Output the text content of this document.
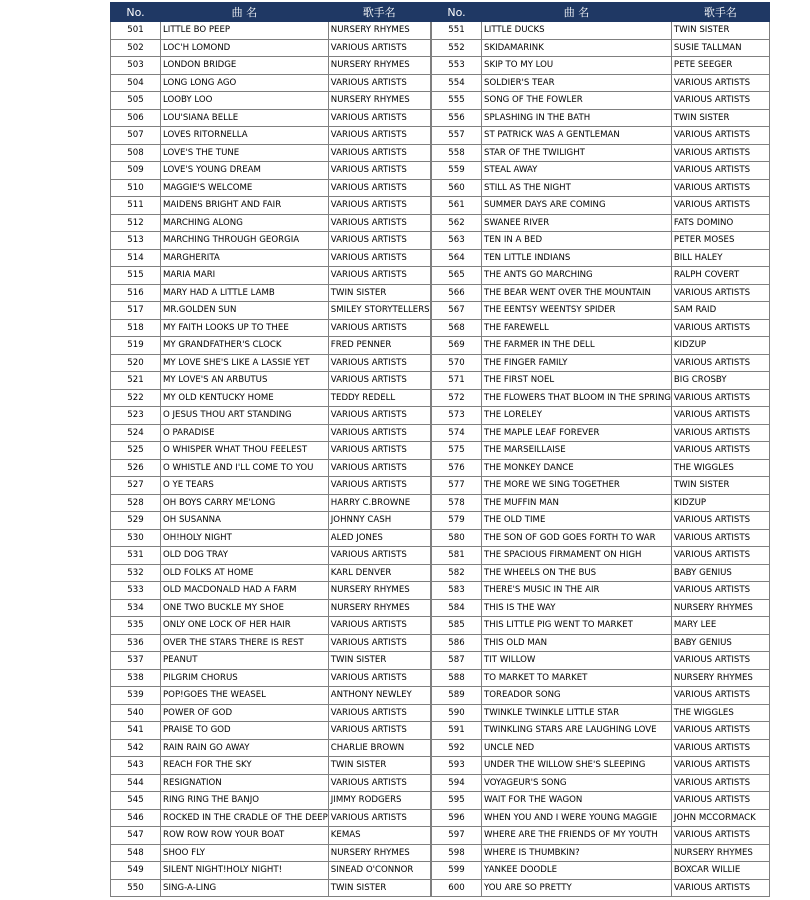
No.	曲 名	歌手名
501	LITTLE BO PEEP	NURSERY RHYMES
502	LOC'H LOMOND	VARIOUS ARTISTS
503	LONDON BRIDGE	NURSERY RHYMES
504	LONG LONG AGO	VARIOUS ARTISTS
505	LOOBY LOO	NURSERY RHYMES
506	LOU'SIANA BELLE	VARIOUS ARTISTS
507	LOVES RITORNELLA	VARIOUS ARTISTS
508	LOVE'S THE TUNE	VARIOUS ARTISTS
509	LOVE'S YOUNG DREAM	VARIOUS ARTISTS
510	MAGGIE'S WELCOME	VARIOUS ARTISTS
511	MAIDENS BRIGHT AND FAIR	VARIOUS ARTISTS
512	MARCHING ALONG	VARIOUS ARTISTS
513	MARCHING THROUGH GEORGIA	VARIOUS ARTISTS
514	MARGHERITA	VARIOUS ARTISTS
515	MARIA MARI	VARIOUS ARTISTS
516	MARY HAD A LITTLE LAMB	TWIN SISTER
517	MR.GOLDEN SUN	SMILEY STORYTELLERS
518	MY FAITH LOOKS UP TO THEE	VARIOUS ARTISTS
519	MY GRANDFATHER'S CLOCK	FRED PENNER
520	MY LOVE SHE'S LIKE A LASSIE YET	VARIOUS ARTISTS
521	MY LOVE'S AN ARBUTUS	VARIOUS ARTISTS
522	MY OLD KENTUCKY HOME	TEDDY REDELL
523	O JESUS THOU ART STANDING	VARIOUS ARTISTS
524	O PARADISE	VARIOUS ARTISTS
525	O WHISPER WHAT THOU FEELEST	VARIOUS ARTISTS
526	O WHISTLE AND I'LL COME TO YOU	VARIOUS ARTISTS
527	O YE TEARS	VARIOUS ARTISTS
528	OH BOYS CARRY ME'LONG	HARRY C.BROWNE
529	OH SUSANNA	JOHNNY CASH
530	OH!HOLY NIGHT	ALED JONES
531	OLD DOG TRAY	VARIOUS ARTISTS
532	OLD FOLKS AT HOME	KARL DENVER
533	OLD MACDONALD HAD A FARM	NURSERY RHYMES
534	ONE TWO BUCKLE MY SHOE	NURSERY RHYMES
535	ONLY ONE LOCK OF HER HAIR	VARIOUS ARTISTS
536	OVER THE STARS THERE IS REST	VARIOUS ARTISTS
537	PEANUT	TWIN SISTER
538	PILGRIM CHORUS	VARIOUS ARTISTS
539	POP!GOES THE WEASEL	ANTHONY NEWLEY
540	POWER OF GOD	VARIOUS ARTISTS
541	PRAISE TO GOD	VARIOUS ARTISTS
542	RAIN RAIN GO AWAY	CHARLIE BROWN
543	REACH FOR THE SKY	TWIN SISTER
544	RESIGNATION	VARIOUS ARTISTS
545	RING RING THE BANJO	JIMMY RODGERS
546	ROCKED IN THE CRADLE OF THE DEEP	VARIOUS ARTISTS
547	ROW ROW ROW YOUR BOAT	KEMAS
548	SHOO FLY	NURSERY RHYMES
549	SILENT NIGHT!HOLY NIGHT!	SINEAD O'CONNOR
550	SING-A-LING	TWIN SISTER
No.	曲 名	歌手名
551	LITTLE DUCKS	TWIN SISTER
552	SKIDAMARINK	SUSIE TALLMAN
553	SKIP TO MY LOU	PETE SEEGER
554	SOLDIER'S TEAR	VARIOUS ARTISTS
555	SONG OF THE FOWLER	VARIOUS ARTISTS
556	SPLASHING IN THE BATH	TWIN SISTER
557	ST PATRICK WAS A GENTLEMAN	VARIOUS ARTISTS
558	STAR OF THE TWILIGHT	VARIOUS ARTISTS
559	STEAL AWAY	VARIOUS ARTISTS
560	STILL AS THE NIGHT	VARIOUS ARTISTS
561	SUMMER DAYS ARE COMING	VARIOUS ARTISTS
562	SWANEE RIVER	FATS DOMINO
563	TEN IN A BED	PETER MOSES
564	TEN LITTLE INDIANS	BILL HALEY
565	THE ANTS GO MARCHING	RALPH COVERT
566	THE BEAR WENT OVER THE MOUNTAIN	VARIOUS ARTISTS
567	THE EENTSY WEENTSY SPIDER	SAM RAID
568	THE FAREWELL	VARIOUS ARTISTS
569	THE FARMER IN THE DELL	KIDZUP
570	THE FINGER FAMILY	VARIOUS ARTISTS
571	THE FIRST NOEL	BIG CROSBY
572	THE FLOWERS THAT BLOOM IN THE SPRING	VARIOUS ARTISTS
573	THE LORELEY	VARIOUS ARTISTS
574	THE MAPLE LEAF FOREVER	VARIOUS ARTISTS
575	THE MARSEILLAISE	VARIOUS ARTISTS
576	THE MONKEY DANCE	THE WIGGLES
577	THE MORE WE SING TOGETHER	TWIN SISTER
578	THE MUFFIN MAN	KIDZUP
579	THE OLD TIME	VARIOUS ARTISTS
580	THE SON OF GOD GOES FORTH TO WAR	VARIOUS ARTISTS
581	THE SPACIOUS FIRMAMENT ON HIGH	VARIOUS ARTISTS
582	THE WHEELS ON THE BUS	BABY GENIUS
583	THERE'S MUSIC IN THE AIR	VARIOUS ARTISTS
584	THIS IS THE WAY	NURSERY RHYMES
585	THIS LITTLE PIG WENT TO MARKET	MARY LEE
586	THIS OLD MAN	BABY GENIUS
587	TIT WILLOW	VARIOUS ARTISTS
588	TO MARKET TO MARKET	NURSERY RHYMES
589	TOREADOR SONG	VARIOUS ARTISTS
590	TWINKLE TWINKLE LITTLE STAR	THE WIGGLES
591	TWINKLING STARS ARE LAUGHING LOVE	VARIOUS ARTISTS
592	UNCLE NED	VARIOUS ARTISTS
593	UNDER THE WILLOW SHE'S SLEEPING	VARIOUS ARTISTS
594	VOYAGEUR'S SONG	VARIOUS ARTISTS
595	WAIT FOR THE WAGON	VARIOUS ARTISTS
596	WHEN YOU AND I WERE YOUNG MAGGIE	JOHN MCCORMACK
597	WHERE ARE THE FRIENDS OF MY YOUTH	VARIOUS ARTISTS
598	WHERE IS THUMBKIN?	NURSERY RHYMES
599	YANKEE DOODLE	BOXCAR WILLIE
600	YOU ARE SO PRETTY	VARIOUS ARTISTS
